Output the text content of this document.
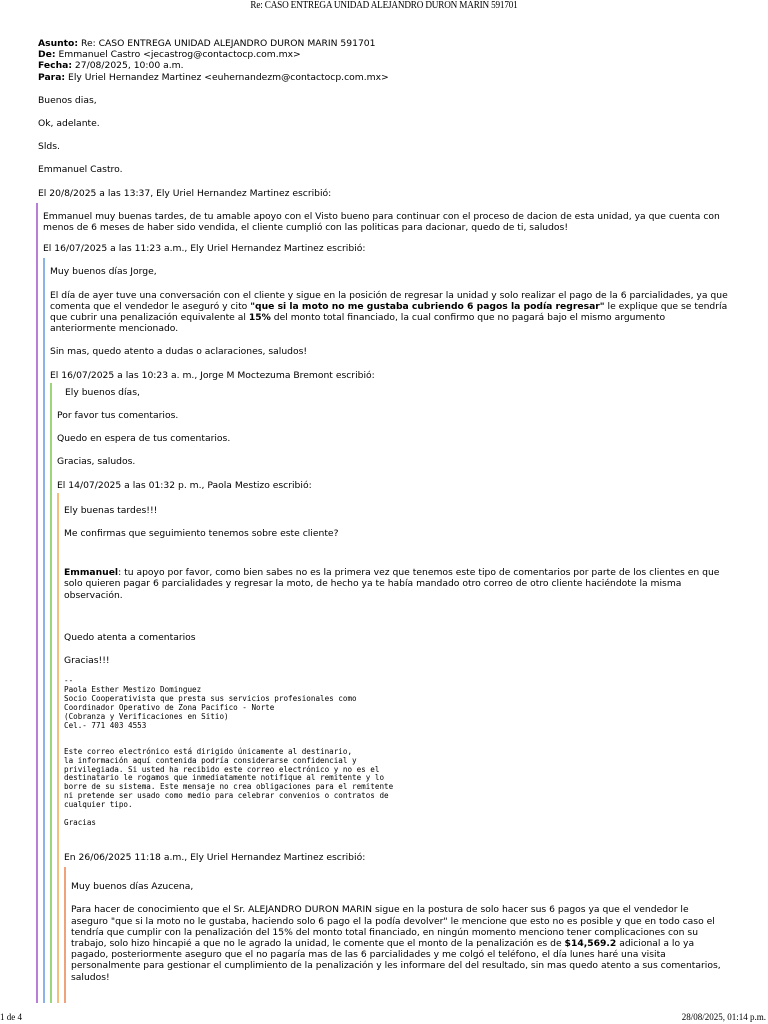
Re: CASO ENTREGA UNIDAD ALEJANDRO DURON MARIN 591701
Asunto: Re: CASO ENTREGA UNIDAD ALEJANDRO DURON MARIN 591701
De: Emmanuel Castro <jecastrog@contactocp.com.mx>
Fecha: 27/08/2025, 10:00 a.m.
Para: Ely Uriel Hernandez Martinez <euhernandezm@contactocp.com.mx>

Buenos dias,

Ok, adelante.

Slds.

Emmanuel Castro.

El 20/8/2025 a las 13:37, Ely Uriel Hernandez Martinez escribió:

Emmanuel muy buenas tardes, de tu amable apoyo con el Visto bueno para continuar con el proceso de dacion de esta unidad, ya que cuenta con menos de 6 meses de haber sido vendida, el cliente cumplió con las politicas para dacionar, quedo de ti, saludos!

El 16/07/2025 a las 11:23 a.m., Ely Uriel Hernandez Martinez escribió:

Muy buenos días Jorge,

El día de ayer tuve una conversación con el cliente y sigue en la posición de regresar la unidad y solo realizar el pago de la 6 parcialidades, ya que comenta que el vendedor le aseguró y cito "que si la moto no me gustaba cubriendo 6 pagos la podía regresar" le explique que se tendría que cubrir una penalización equivalente al 15% del monto total financiado, la cual confirmo que no pagará bajo el mismo argumento anteriormente mencionado.

Sin mas, quedo atento a dudas o aclaraciones, saludos!

El 16/07/2025 a las 10:23 a. m., Jorge M Moctezuma Bremont escribió:

Ely buenos días,

Por favor tus comentarios.

Quedo en espera de tus comentarios.

Gracias, saludos.

El 14/07/2025 a las 01:32 p. m., Paola Mestizo escribió:

Ely buenas tardes!!!

Me confirmas que seguimiento tenemos sobre este cliente?

Emmanuel: tu apoyo por favor, como bien sabes no es la primera vez que tenemos este tipo de comentarios por parte de los clientes en que solo quieren pagar 6 parcialidades y regresar la moto, de hecho ya te había mandado otro correo de otro cliente haciéndote la misma observación.

Quedo atenta a comentarios

Gracias!!!

--
Paola Esther Mestizo Dominguez
Socio Cooperativista que presta sus servicios profesionales como
Coordinador Operativo de Zona Pacifico - Norte
(Cobranza y Verificaciones en Sitio)
Cel.- 771 403 4553
Este correo electrónico está dirigido únicamente al destinario,
la información aquí contenida podría considerarse confidencial y
privilegiada. Si usted ha recibido este correo electrónico y no es el
destinatario le rogamos que inmediatamente notifique al remitente y lo
borre de su sistema. Este mensaje no crea obligaciones para el remitente
ni pretende ser usado como medio para celebrar convenios o contratos de
cualquier tipo.
Gracias

En 26/06/2025 11:18 a.m., Ely Uriel Hernandez Martinez escribió:

Muy buenos días Azucena,

Para hacer de conocimiento que el Sr. ALEJANDRO DURON MARIN sigue en la postura de solo hacer sus 6 pagos ya que el vendedor le aseguro "que si la moto no le gustaba, haciendo solo 6 pago el la podía devolver" le mencione que esto no es posible y que en todo caso el tendría que cumplir con la penalización del 15% del monto total financiado, en ningún momento menciono tener complicaciones con su trabajo, solo hizo hincapié a que no le agrado la unidad, le comente que el monto de la penalización es de $14,569.2 adicional a lo ya pagado, posteriormente aseguro que el no pagaría mas de las 6 parcialidades y me colgó el teléfono, el día lunes haré una visita personalmente para gestionar el cumplimiento de la penalización y les informare del del resultado, sin mas quedo atento a sus comentarios, saludos!

1 de 4	28/08/2025, 01:14 p.m.
